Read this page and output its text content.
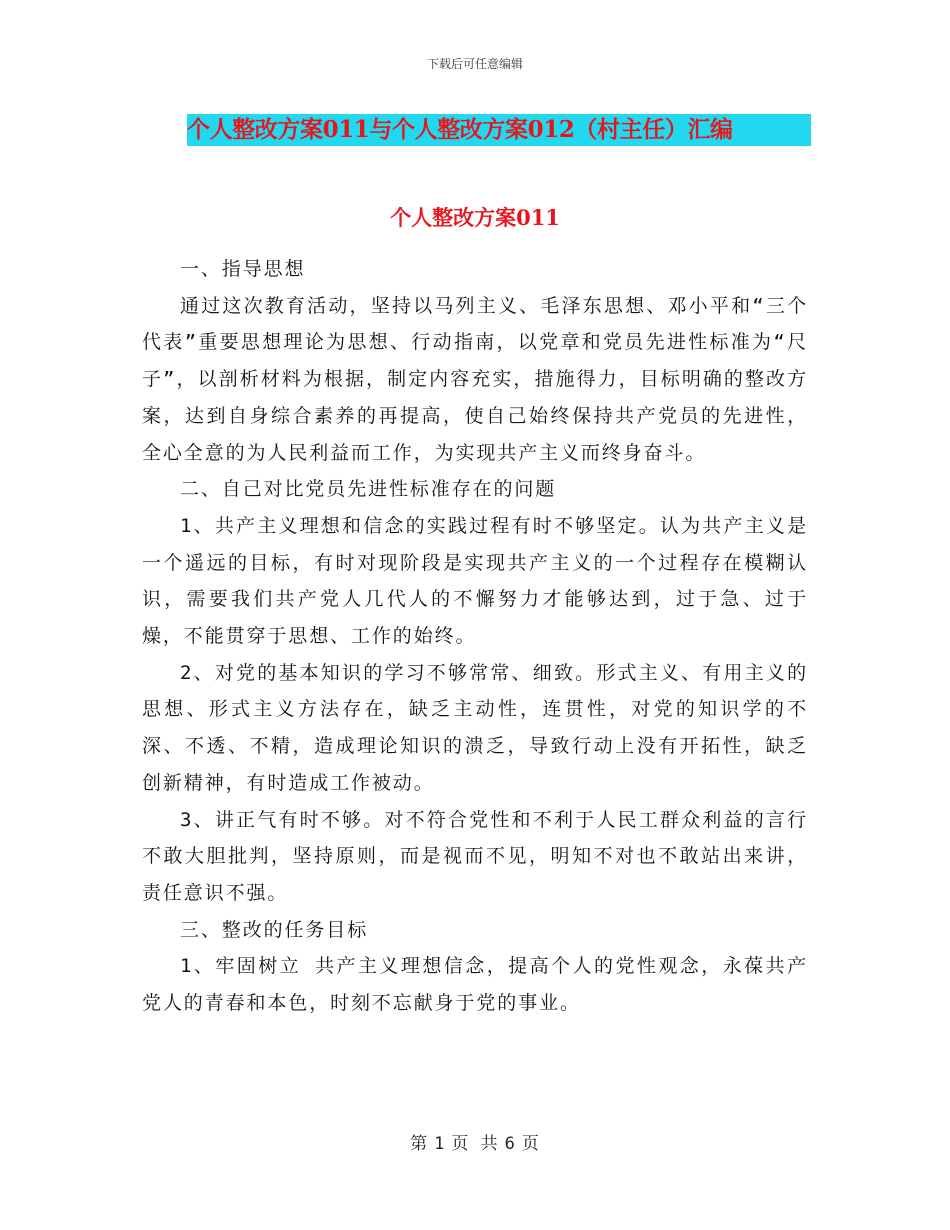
下载后可任意编辑
个人整改方案011与个人整改方案012（村主任）汇编
个人整改方案011

一、指导思想

通过这次教育活动，坚持以马列主义、毛泽东思想、邓小平和“三个代表”重要思想理论为思想、行动指南，以党章和党员先进性标准为“尺子”，以剖析材料为根据，制定内容充实，措施得力，目标明确的整改方案，达到自身综合素养的再提高，使自己始终保持共产党员的先进性，全心全意的为人民利益而工作，为实现共产主义而终身奋斗。

二、自己对比党员先进性标准存在的问题

1、共产主义理想和信念的实践过程有时不够坚定。认为共产主义是一个遥远的目标，有时对现阶段是实现共产主义的一个过程存在模糊认识，需要我们共产党人几代人的不懈努力才能够达到，过于急、过于燥，不能贯穿于思想、工作的始终。

2、对党的基本知识的学习不够常常、细致。形式主义、有用主义的思想、形式主义方法存在，缺乏主动性，连贯性，对党的知识学的不深、不透、不精，造成理论知识的溃乏，导致行动上没有开拓性，缺乏创新精神，有时造成工作被动。

3、讲正气有时不够。对不符合党性和不利于人民工群众利益的言行不敢大胆批判，坚持原则，而是视而不见，明知不对也不敢站出来讲，责任意识不强。

三、整改的任务目标

1、牢固树立 共产主义理想信念，提高个人的党性观念，永葆共产党人的青春和本色，时刻不忘献身于党的事业。

第 1 页 共 6 页
